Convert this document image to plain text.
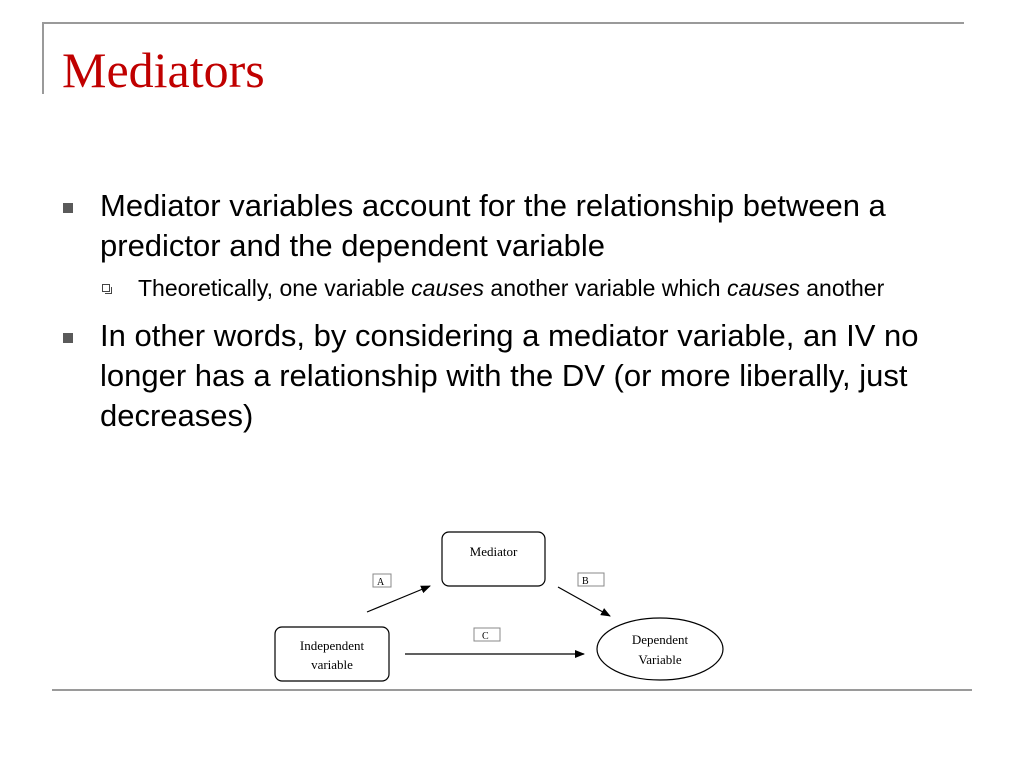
Mediators
Mediator variables account for the relationship between a predictor and the dependent variable
Theoretically, one variable causes another variable which causes another
In other words, by considering a mediator variable, an IV no longer has a relationship with the DV (or more liberally, just decreases)
Mediator
Independent
variable
Dependent
Variable
A	B
C
